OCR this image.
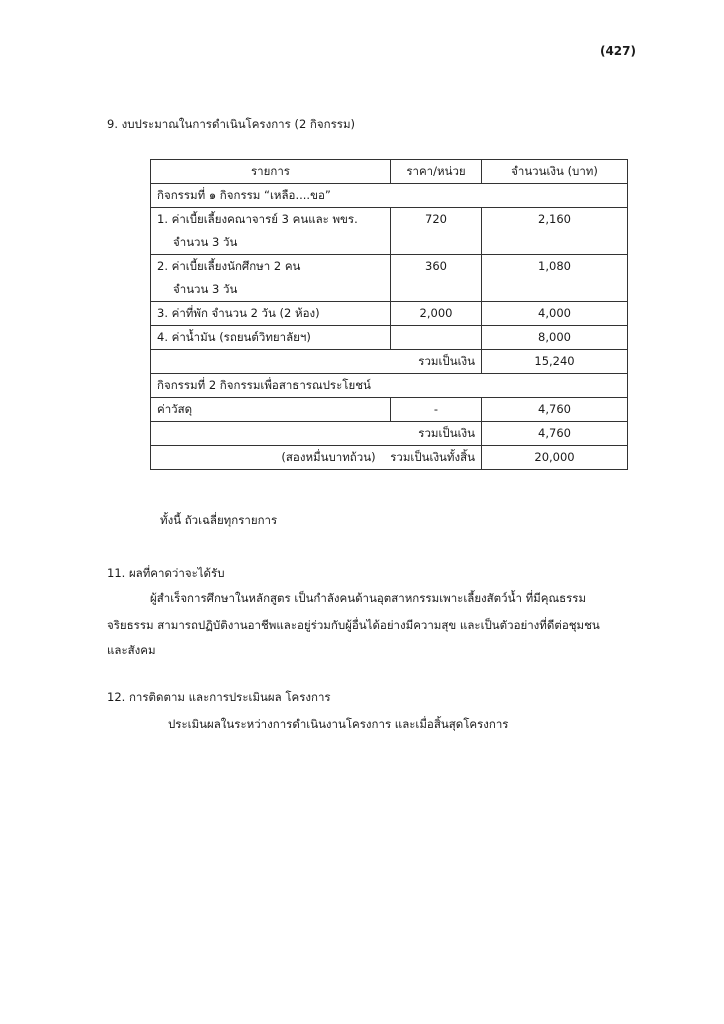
(427)
9. งบประมาณในการดำเนินโครงการ (2 กิจกรรม)
รายการ	ราคา/หน่วย	จำนวนเงิน (บาท)
กิจกรรมที่ ๑ กิจกรรม “เหลือ....ขอ”		

1. ค่าเบี้ยเลี้ยงคณาจารย์ 3 คนและ พขร.
จำนวน 3 วัน	720	2,160

2. ค่าเบี้ยเลี้ยงนักศึกษา 2 คน
จำนวน 3 วัน	360	1,080
3. ค่าที่พัก จำนวน 2 วัน (2 ห้อง)	2,000	4,000
4. ค่าน้ำมัน (รถยนต์วิทยาลัยฯ)		8,000
รวมเป็นเงิน		15,240
กิจกรรมที่ 2 กิจกรรมเพื่อสาธารณประโยชน์		
ค่าวัสดุ	-	4,760
รวมเป็นเงิน		4,760
(สองหมื่นบาทถ้วน)    รวมเป็นเงินทั้งสิ้น		20,000
ทั้งนี้ ถัวเฉลี่ยทุกรายการ
11. ผลที่คาดว่าจะได้รับ
ผู้สำเร็จการศึกษาในหลักสูตร เป็นกำลังคนด้านอุตสาหกรรมเพาะเลี้ยงสัตว์น้ำ ที่มีคุณธรรม
จริยธรรม สามารถปฏิบัติงานอาชีพและอยู่ร่วมกับผู้อื่นได้อย่างมีความสุข และเป็นตัวอย่างที่ดีต่อชุมชน
และสังคม
12. การติดตาม และการประเมินผล โครงการ
ประเมินผลในระหว่างการดำเนินงานโครงการ และเมื่อสิ้นสุดโครงการ
